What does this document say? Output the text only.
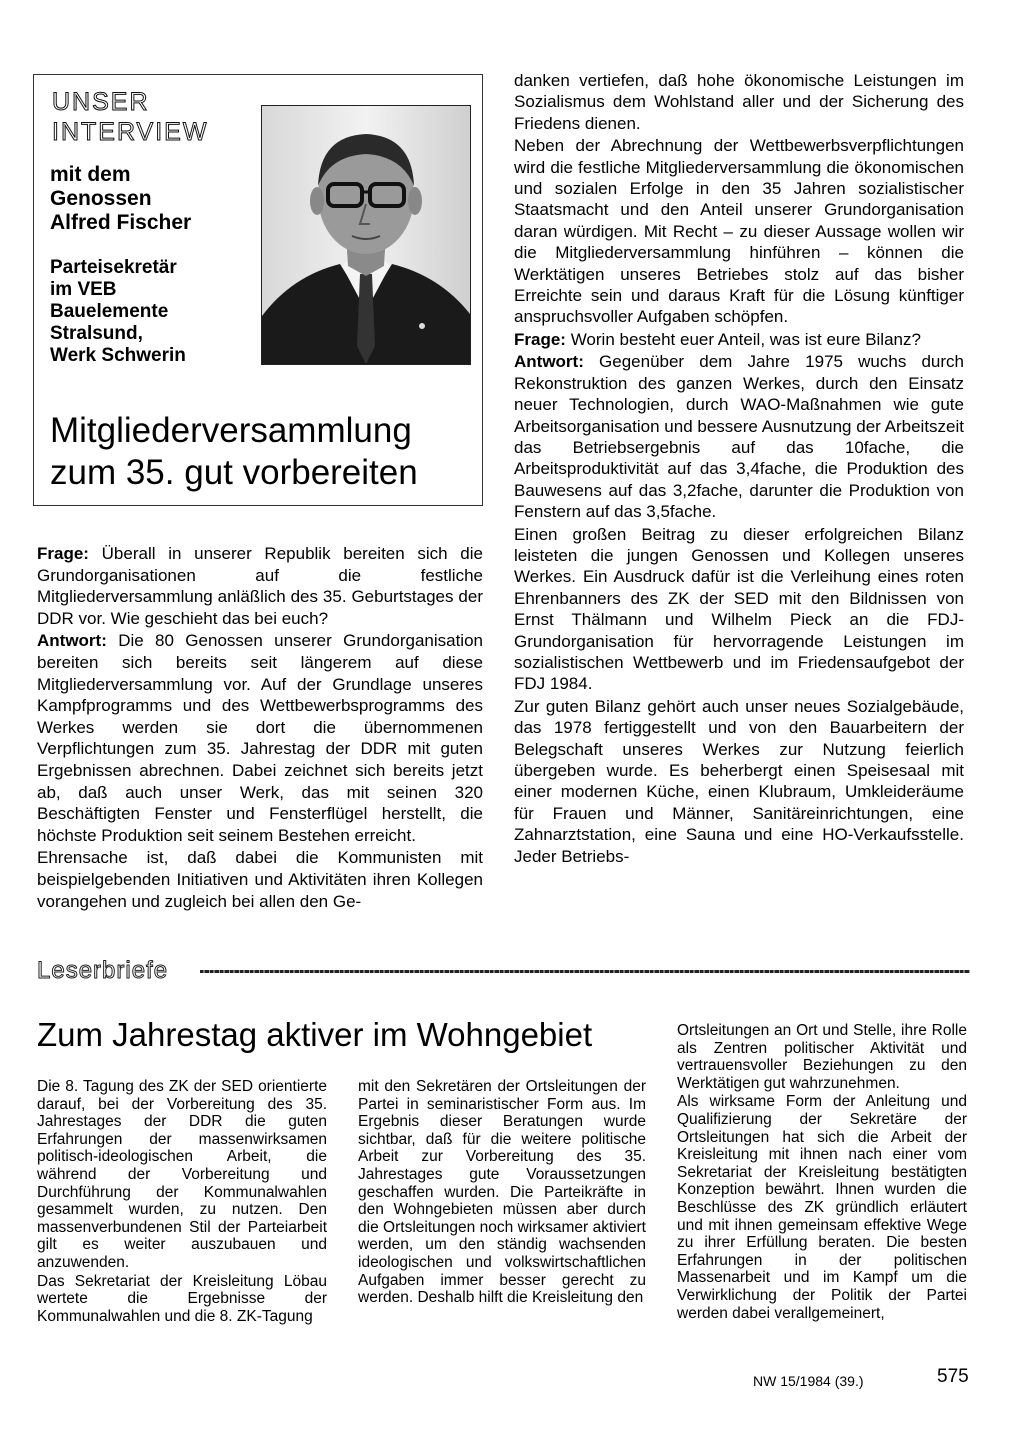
UNSER
INTERVIEW
mit dem
Genossen
Alfred Fischer
Parteisekretär
im VEB
Bauelemente
Stralsund,
Werk Schwerin
Mitgliederversammlung
zum 35. gut vorbereiten

Frage: Überall in unserer Republik bereiten sich die Grundorganisationen auf die festliche Mitgliederversammlung anläßlich des 35. Geburtstages der DDR vor. Wie geschieht das bei euch?

Antwort: Die 80 Genossen unserer Grundorganisation bereiten sich bereits seit längerem auf diese Mitgliederversammlung vor. Auf der Grundlage unseres Kampfprogramms und des Wettbewerbsprogramms des Werkes werden sie dort die übernommenen Verpflichtungen zum 35. Jahrestag der DDR mit guten Ergebnissen abrechnen. Dabei zeichnet sich bereits jetzt ab, daß auch unser Werk, das mit seinen 320 Beschäftigten Fenster und Fensterflügel herstellt, die höchste Produktion seit seinem Bestehen erreicht.

Ehrensache ist, daß dabei die Kommunisten mit beispielgebenden Initiativen und Aktivitäten ihren Kollegen vorangehen und zugleich bei allen den Ge-

danken vertiefen, daß hohe ökonomische Leistungen im Sozialismus dem Wohlstand aller und der Sicherung des Friedens dienen.

Neben der Abrechnung der Wettbewerbsverpflichtungen wird die festliche Mitgliederversammlung die ökonomischen und sozialen Erfolge in den 35 Jahren sozialistischer Staatsmacht und den Anteil unserer Grundorganisation daran würdigen. Mit Recht – zu dieser Aussage wollen wir die Mitgliederversammlung hinführen – können die Werktätigen unseres Betriebes stolz auf das bisher Erreichte sein und daraus Kraft für die Lösung künftiger anspruchsvoller Aufgaben schöpfen.

Frage: Worin besteht euer Anteil, was ist eure Bilanz?

Antwort: Gegenüber dem Jahre 1975 wuchs durch Rekonstruktion des ganzen Werkes, durch den Einsatz neuer Technologien, durch WAO-Maßnahmen wie gute Arbeitsorganisation und bessere Ausnutzung der Arbeitszeit das Betriebsergebnis auf das 10fache, die Arbeitsproduktivität auf das 3,4fache, die Produktion des Bauwesens auf das 3,2fache, darunter die Produktion von Fenstern auf das 3,5fache.

Einen großen Beitrag zu dieser erfolgreichen Bilanz leisteten die jungen Genossen und Kollegen unseres Werkes. Ein Ausdruck dafür ist die Verleihung eines roten Ehrenbanners des ZK der SED mit den Bildnissen von Ernst Thälmann und Wilhelm Pieck an die FDJ-Grundorganisation für hervorragende Leistungen im sozialistischen Wettbewerb und im Friedensaufgebot der FDJ 1984.

Zur guten Bilanz gehört auch unser neues Sozialgebäude, das 1978 fertiggestellt und von den Bauarbeitern der Belegschaft unseres Werkes zur Nutzung feierlich übergeben wurde. Es beherbergt einen Speisesaal mit einer modernen Küche, einen Klubraum, Umkleideräume für Frauen und Männer, Sanitäreinrichtungen, eine Zahnarztstation, eine Sauna und eine HO-Verkaufsstelle. Jeder Betriebs-

Leserbriefe
Zum Jahrestag aktiver im Wohngebiet

Die 8. Tagung des ZK der SED orientierte darauf, bei der Vorbereitung des 35. Jahrestages der DDR die guten Erfahrungen der massenwirksamen politisch-ideologischen Arbeit, die während der Vorbereitung und Durchführung der Kommunalwahlen gesammelt wurden, zu nutzen. Den massenverbundenen Stil der Parteiarbeit gilt es weiter auszubauen und anzuwenden.

Das Sekretariat der Kreisleitung Löbau wertete die Ergebnisse der Kommunalwahlen und die 8. ZK-Tagung

mit den Sekretären der Ortsleitungen der Partei in seminaristischer Form aus. Im Ergebnis dieser Beratungen wurde sichtbar, daß für die weitere politische Arbeit zur Vorbereitung des 35. Jahrestages gute Voraussetzungen geschaffen wurden. Die Parteikräfte in den Wohngebieten müssen aber durch die Ortsleitungen noch wirksamer aktiviert werden, um den ständig wachsenden ideologischen und volkswirtschaftlichen Aufgaben immer besser gerecht zu werden. Deshalb hilft die Kreisleitung den

Ortsleitungen an Ort und Stelle, ihre Rolle als Zentren politischer Aktivität und vertrauensvoller Beziehungen zu den Werktätigen gut wahrzunehmen.

Als wirksame Form der Anleitung und Qualifizierung der Sekretäre der Ortsleitungen hat sich die Arbeit der Kreisleitung mit ihnen nach einer vom Sekretariat der Kreisleitung bestätigten Konzeption bewährt. Ihnen wurden die Beschlüsse des ZK gründlich erläutert und mit ihnen gemeinsam effektive Wege zu ihrer Erfüllung beraten. Die besten Erfahrungen in der politischen Massenarbeit und im Kampf um die Verwirklichung der Politik der Partei werden dabei verallgemeinert,

NW 15/1984 (39.)	575
